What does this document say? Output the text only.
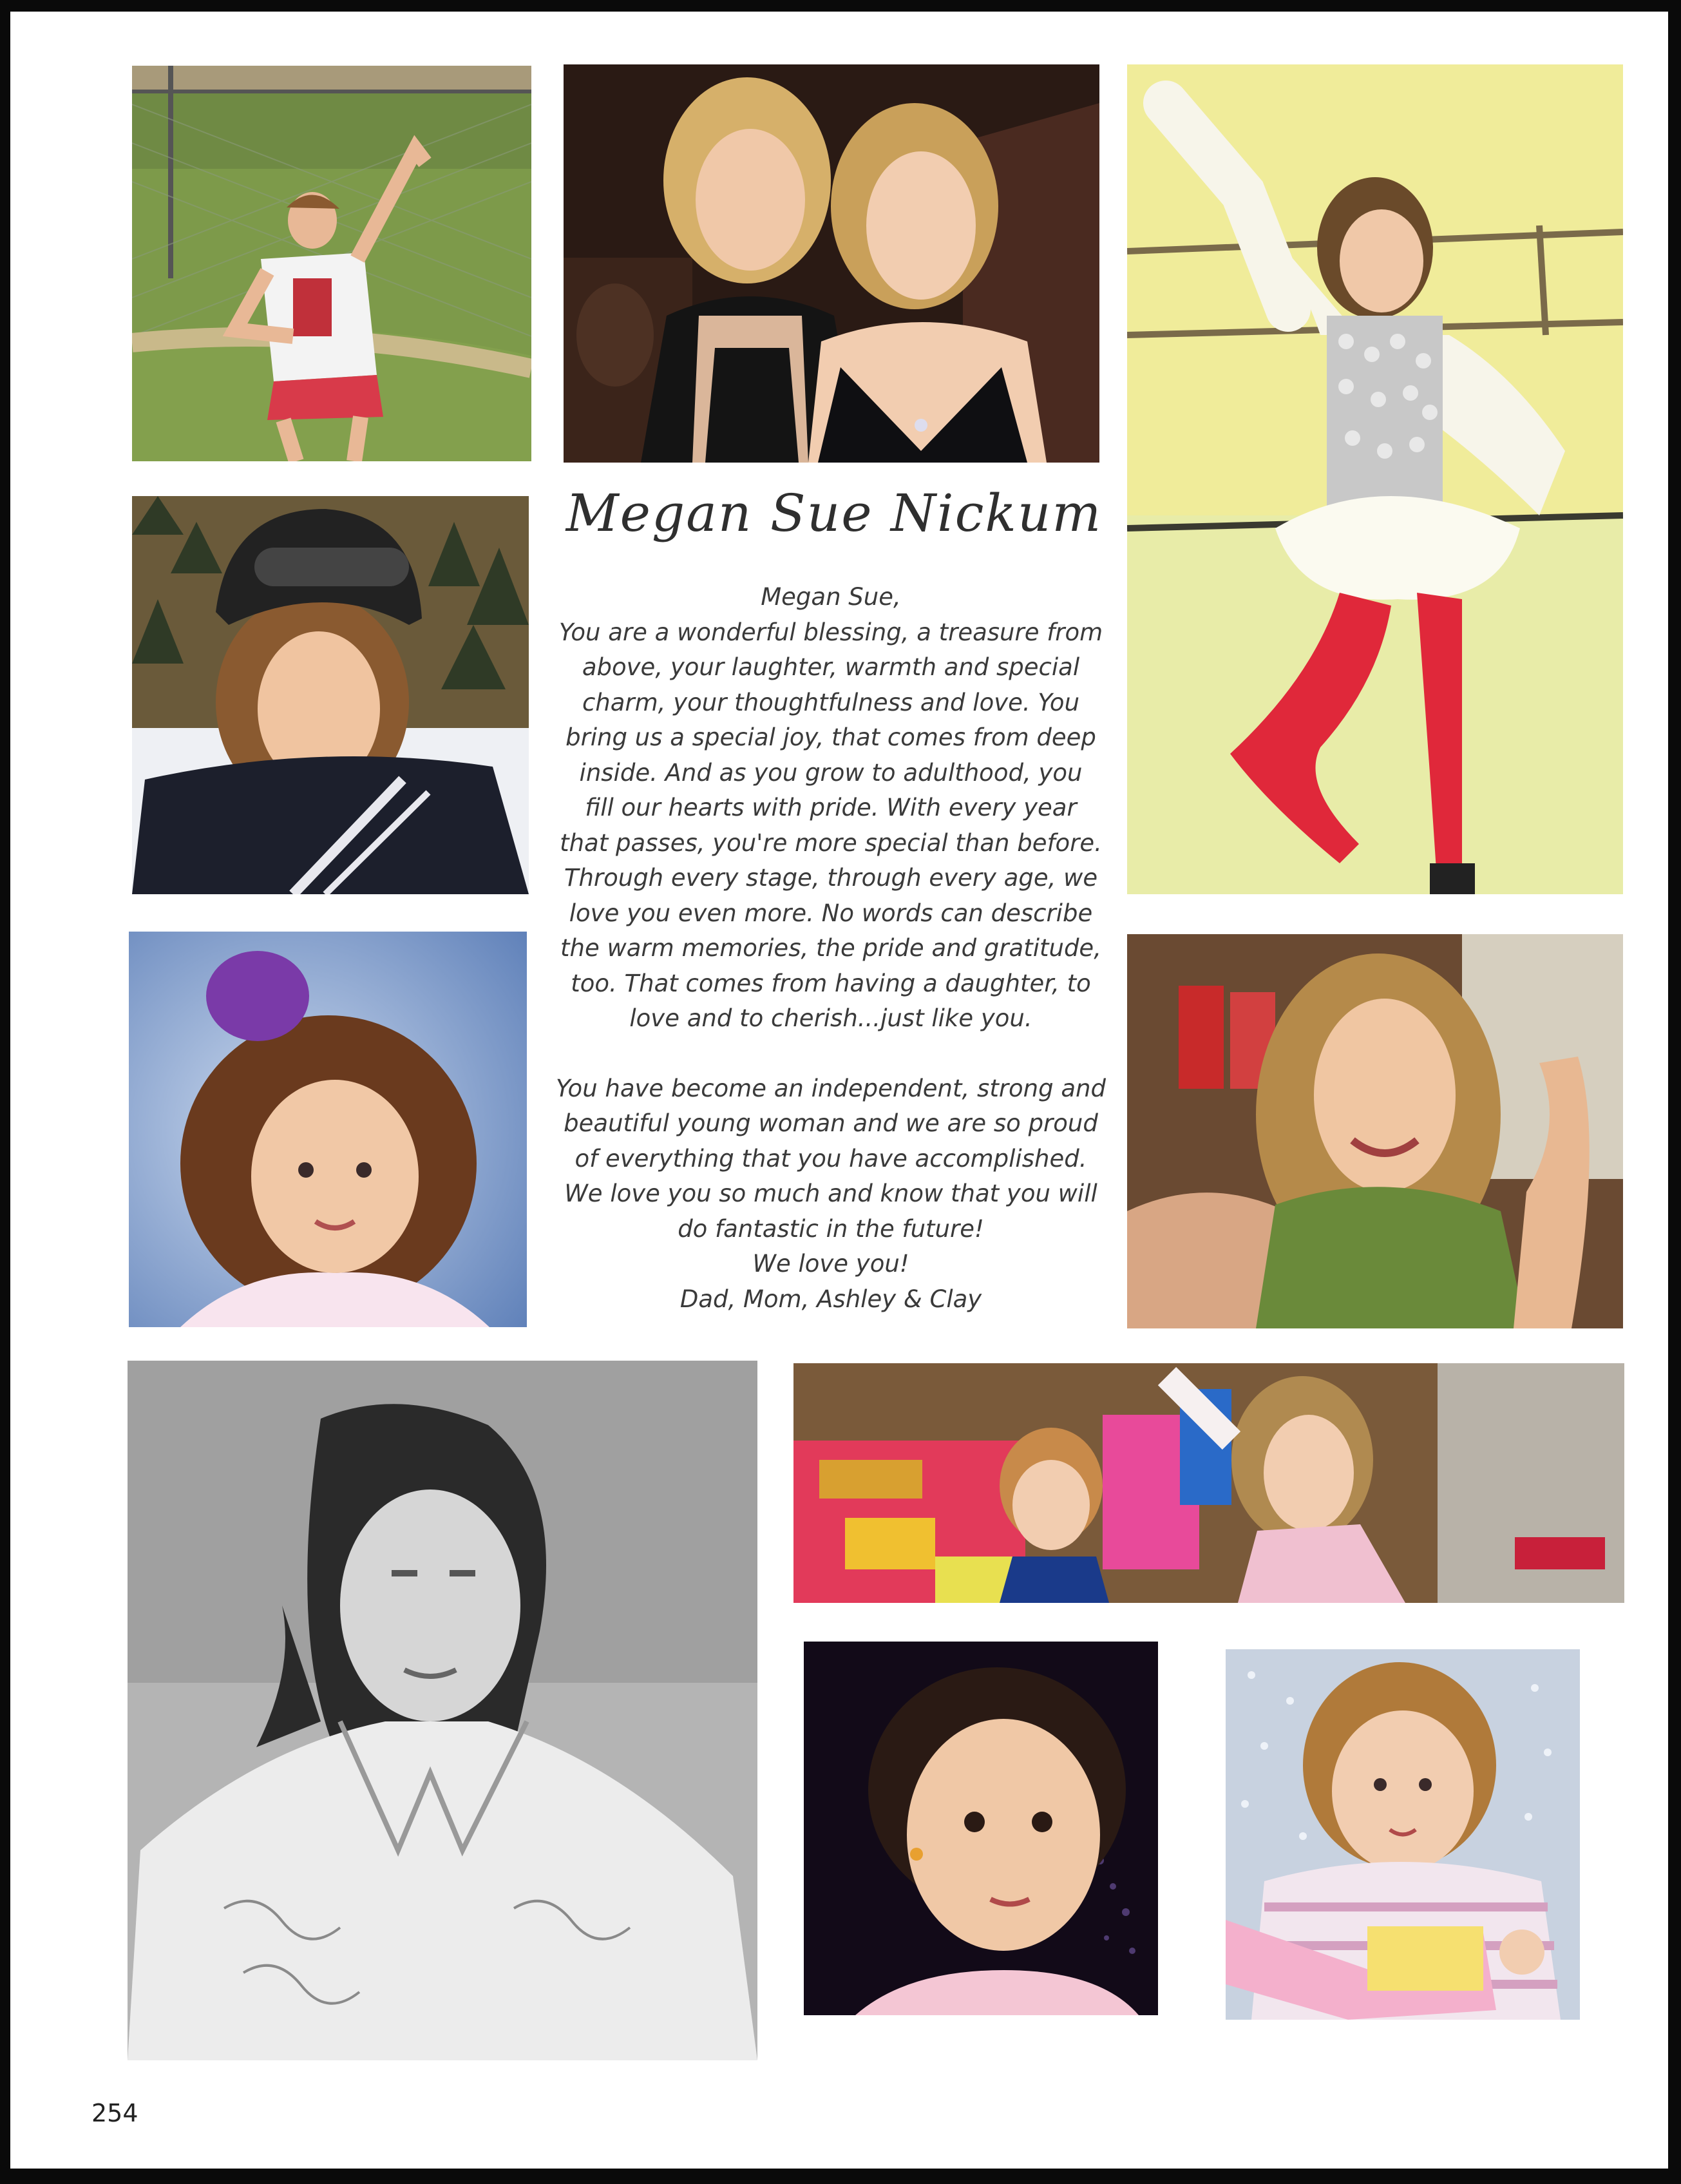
Megan Sue Nickum
Megan Sue,
You are a wonderful blessing, a treasure from
above, your laughter, warmth and special
charm, your thoughtfulness and love. You
bring us a special joy, that comes from deep
inside. And as you grow to adulthood, you
fill our hearts with pride. With every year
that passes, you're more special than before.
Through every stage, through every age, we
love you even more. No words can describe
the warm memories, the pride and gratitude,
too. That comes from having a daughter, to
love and to cherish...just like you.
You have become an independent, strong and
beautiful young woman and we are so proud
of everything that you have accomplished.
We love you so much and know that you will
do fantastic in the future!
We love you!
Dad, Mom, Ashley & Clay
254
